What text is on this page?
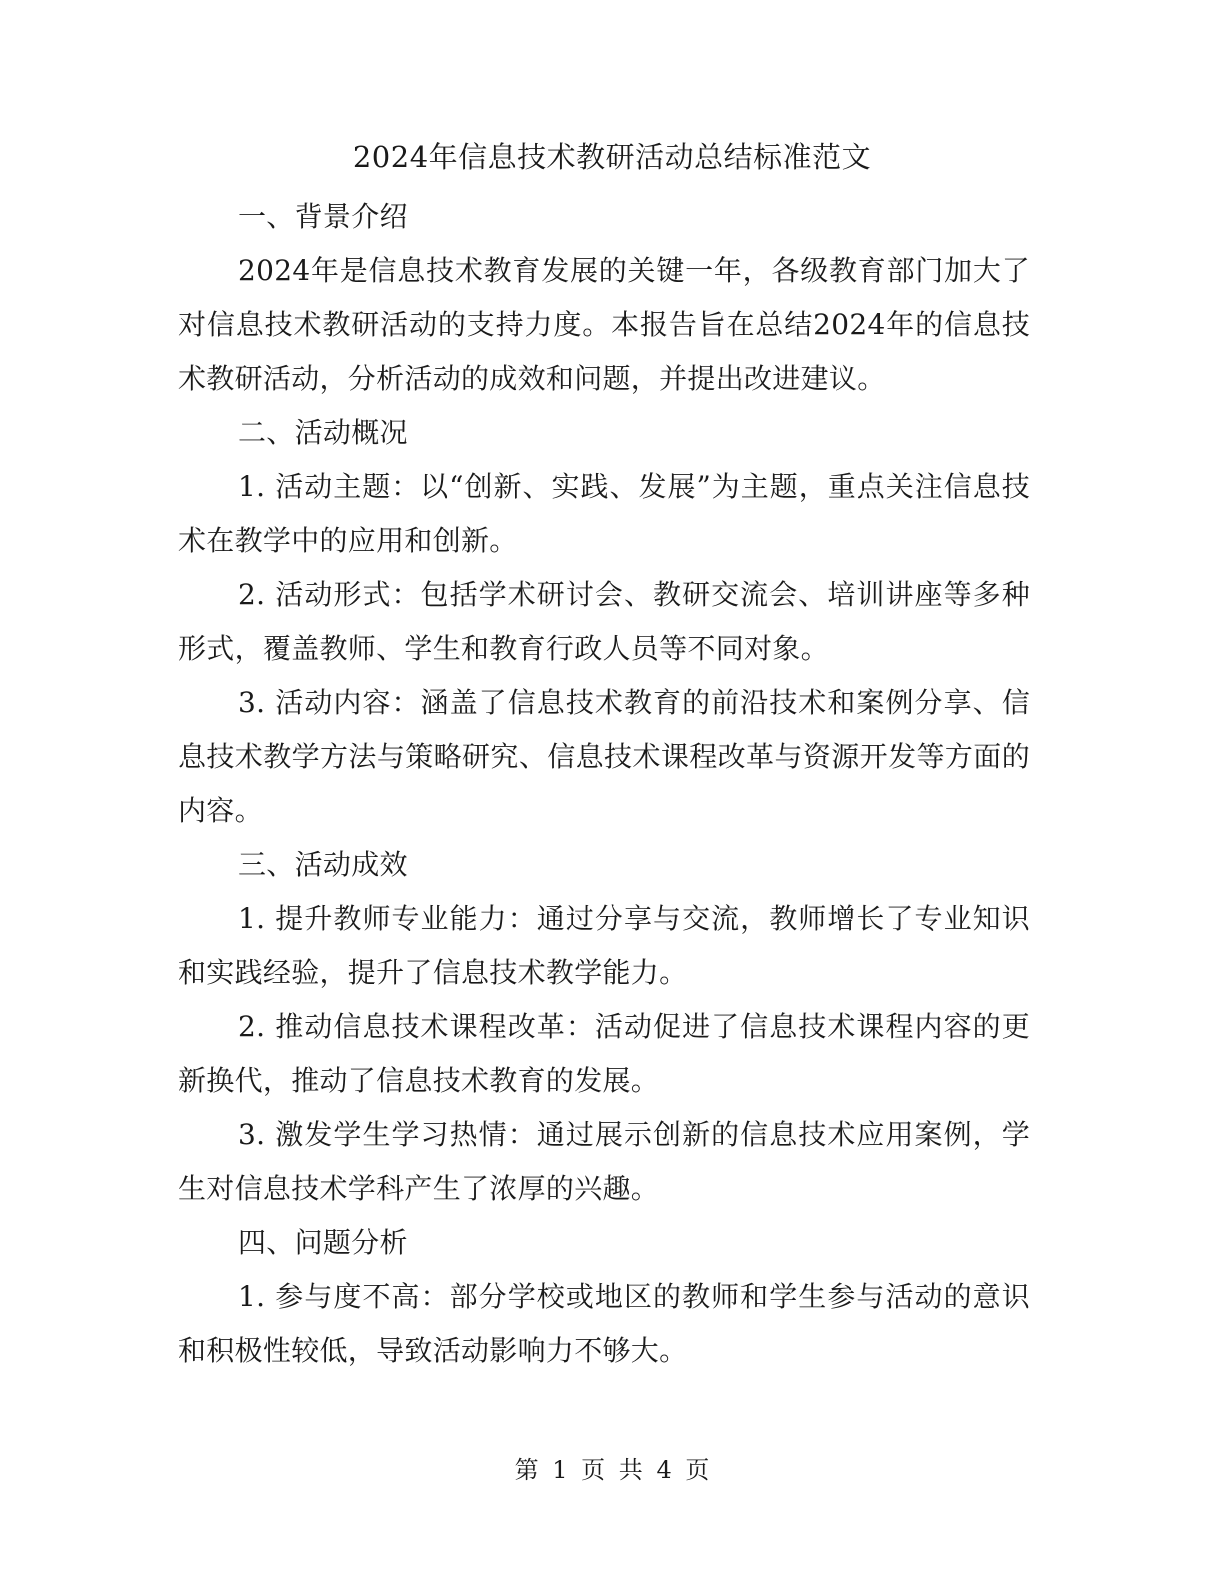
2024年信息技术教研活动总结标准范文
一、背景介绍

2024年是信息技术教育发展的关键一年，各级教育部门加大了对信息技术教研活动的支持力度。本报告旨在总结2024年的信息技术教研活动，分析活动的成效和问题，并提出改进建议。

二、活动概况

1. 活动主题：以“创新、实践、发展”为主题，重点关注信息技术在教学中的应用和创新。

2. 活动形式：包括学术研讨会、教研交流会、培训讲座等多种形式，覆盖教师、学生和教育行政人员等不同对象。

3. 活动内容：涵盖了信息技术教育的前沿技术和案例分享、信息技术教学方法与策略研究、信息技术课程改革与资源开发等方面的内容。

三、活动成效

1. 提升教师专业能力：通过分享与交流，教师增长了专业知识和实践经验，提升了信息技术教学能力。

2. 推动信息技术课程改革：活动促进了信息技术课程内容的更新换代，推动了信息技术教育的发展。

3. 激发学生学习热情：通过展示创新的信息技术应用案例，学生对信息技术学科产生了浓厚的兴趣。

四、问题分析

1. 参与度不高：部分学校或地区的教师和学生参与活动的意识和积极性较低，导致活动影响力不够大。

第 1 页 共 4 页
